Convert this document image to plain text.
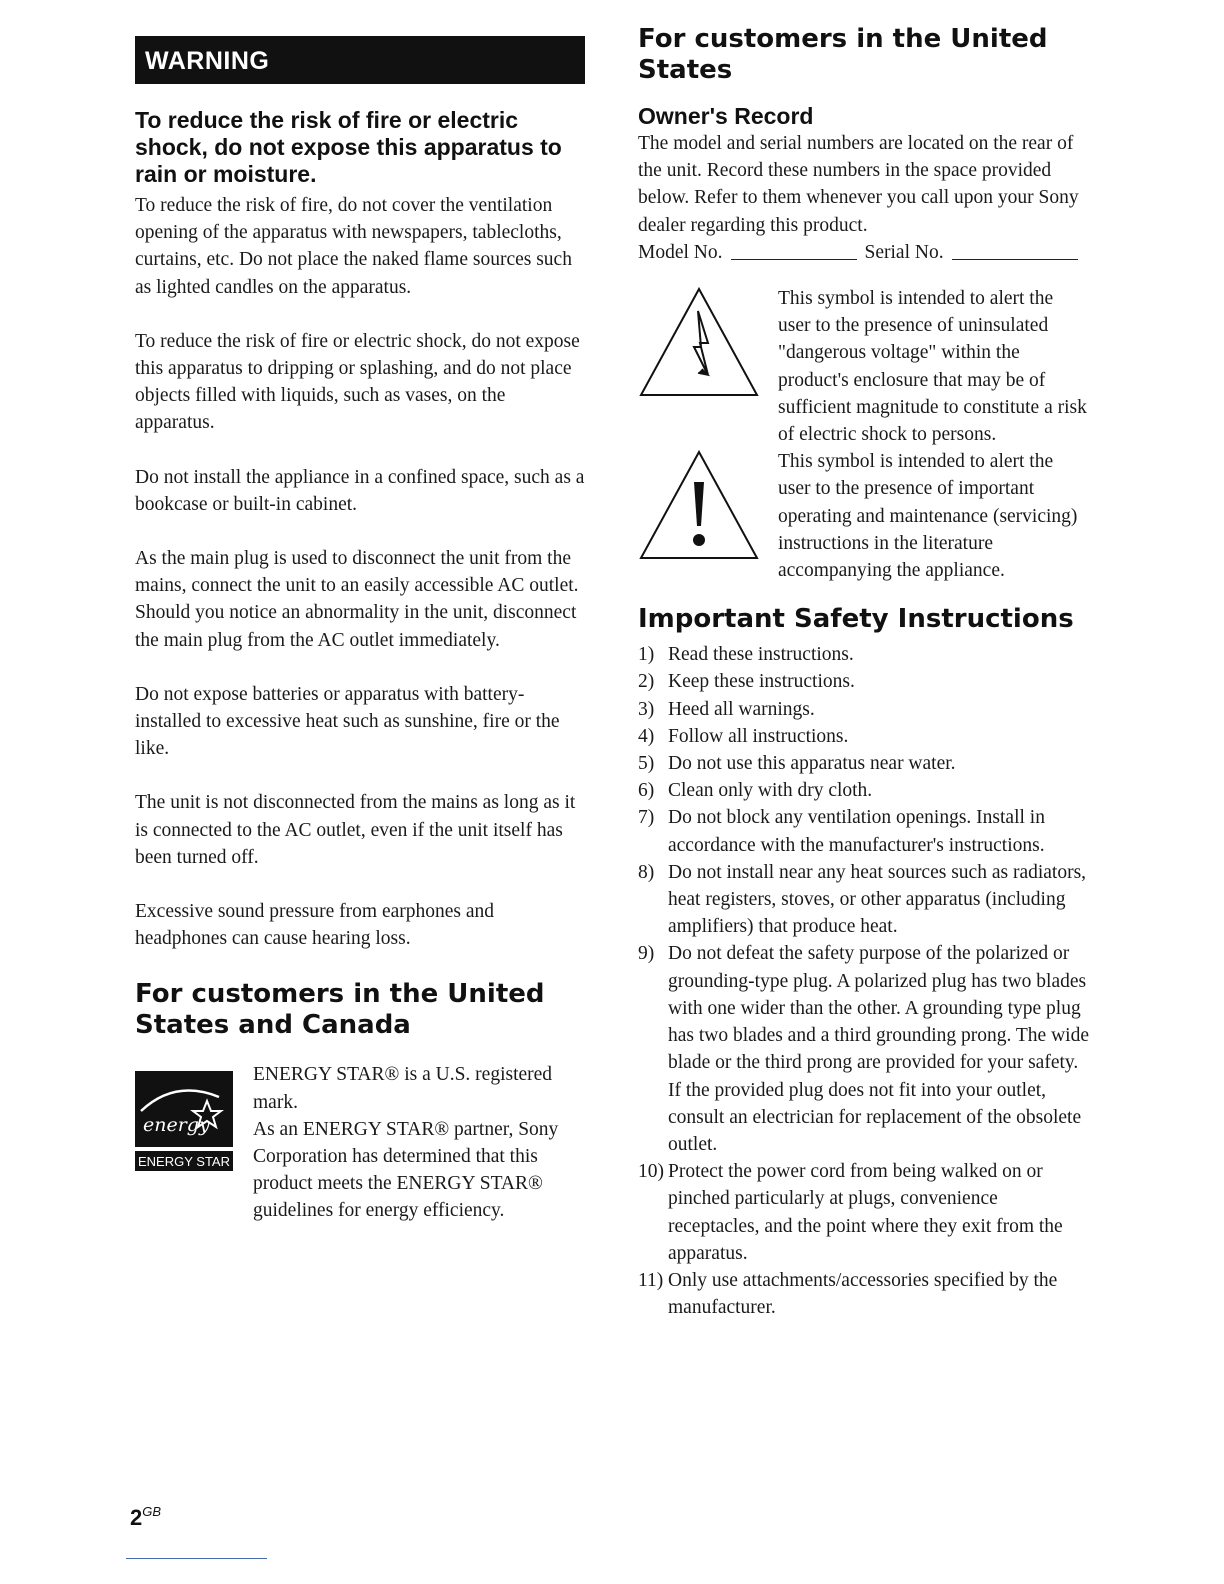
WARNING
To reduce the risk of fire or electric shock, do not expose this apparatus to rain or moisture.

To reduce the risk of fire, do not cover the ventilation opening of the apparatus with newspapers, tablecloths, curtains, etc. Do not place the naked flame sources such as lighted candles on the apparatus.

To reduce the risk of fire or electric shock, do not expose this apparatus to dripping or splashing, and do not place objects filled with liquids, such as vases, on the apparatus.

Do not install the appliance in a confined space, such as a bookcase or built-in cabinet.

As the main plug is used to disconnect the unit from the mains, connect the unit to an easily accessible AC outlet. Should you notice an abnormality in the unit, disconnect the main plug from the AC outlet immediately.

Do not expose batteries or apparatus with battery-installed to excessive heat such as sunshine, fire or the like.

The unit is not disconnected from the mains as long as it is connected to the AC outlet, even if the unit itself has been turned off.

Excessive sound pressure from earphones and headphones can cause hearing loss.

For customers in the United States and Canada
energy
ENERGY STAR
ENERGY STAR® is a U.S. registered mark.
As an ENERGY STAR® partner, Sony Corporation has determined that this product meets the ENERGY STAR® guidelines for energy efficiency.
For customers in the United States
Owner's Record

The model and serial numbers are located on the rear of the unit. Record these numbers in the space provided below. Refer to them whenever you call upon your Sony dealer regarding this product.

Model No.	Serial No.
This symbol is intended to alert the user to the presence of uninsulated "dangerous voltage" within the product's enclosure that may be of sufficient magnitude to constitute a risk of electric shock to persons.
This symbol is intended to alert the user to the presence of important operating and maintenance (servicing) instructions in the literature accompanying the appliance.
Important Safety Instructions
1) Read these instructions.
2) Keep these instructions.
3) Heed all warnings.
4) Follow all instructions.
5) Do not use this apparatus near water.
6) Clean only with dry cloth.
7) Do not block any ventilation openings. Install in accordance with the manufacturer's instructions.
8) Do not install near any heat sources such as radiators, heat registers, stoves, or other apparatus (including amplifiers) that produce heat.
9) Do not defeat the safety purpose of the polarized or grounding-type plug. A polarized plug has two blades with one wider than the other. A grounding type plug has two blades and a third grounding prong. The wide blade or the third prong are provided for your safety. If the provided plug does not fit into your outlet, consult an electrician for replacement of the obsolete outlet.
10) Protect the power cord from being walked on or pinched particularly at plugs, convenience receptacles, and the point where they exit from the apparatus.
11) Only use attachments/accessories specified by the manufacturer.
$2^{GB}$
